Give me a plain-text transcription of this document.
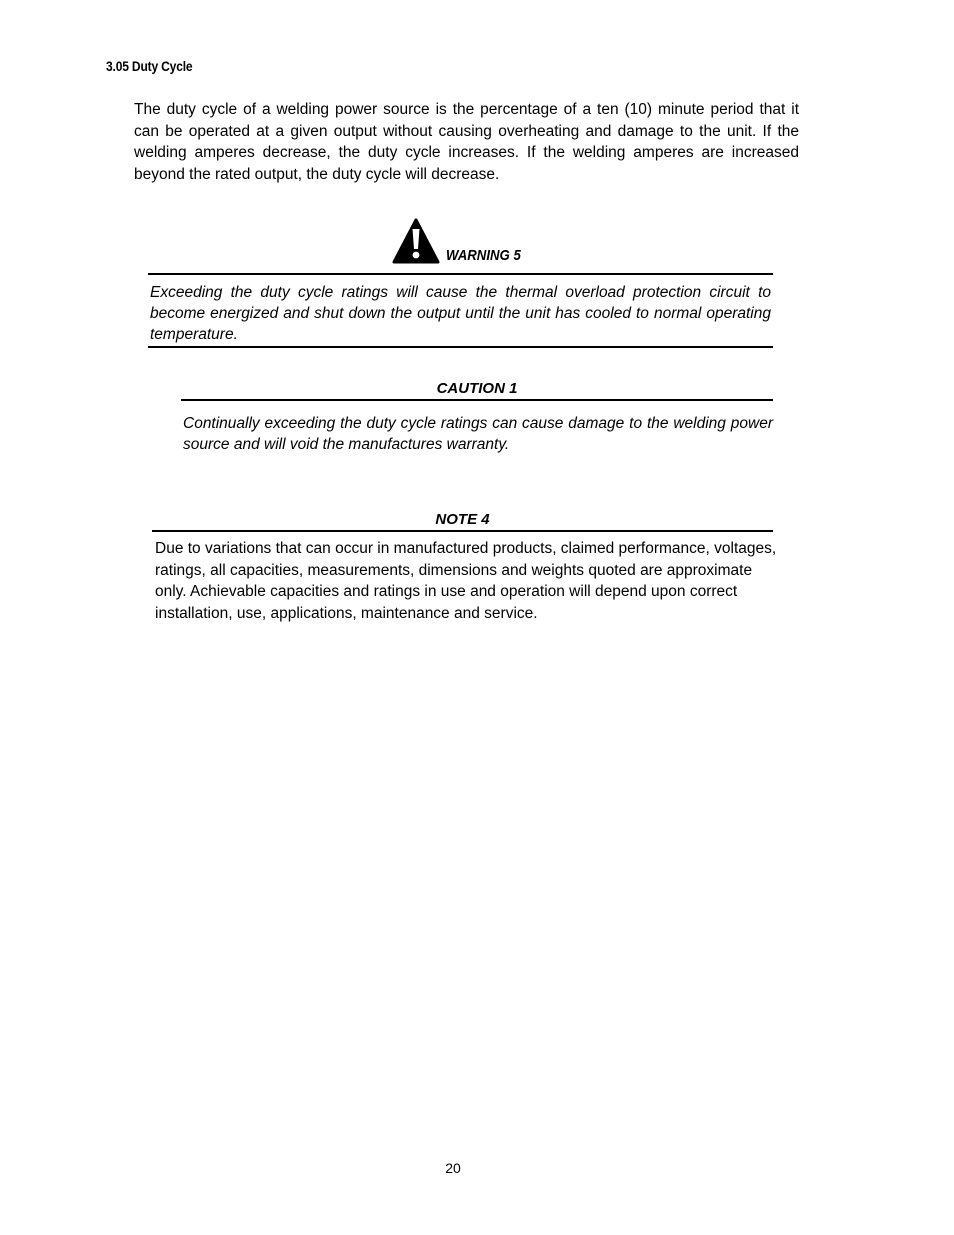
3.05 Duty Cycle
The duty cycle of a welding power source is the percentage of a ten (10) minute period that it can be operated at a given output without causing overheating and damage to the unit. If the welding amperes decrease, the duty cycle increases. If the welding amperes are increased beyond the rated output, the duty cycle will decrease.
WARNING 5

Exceeding the duty cycle ratings will cause the thermal overload protection circuit to become energized and shut down the output until the unit has cooled to normal operating temperature.

CAUTION 1

Continually exceeding the duty cycle ratings can cause damage to the welding power source and will void the manufactures warranty.

NOTE 4

Due to variations that can occur in manufactured products, claimed performance, voltages, ratings, all capacities, measurements, dimensions and weights quoted are approximate only. Achievable capacities and ratings in use and operation will depend upon correct installation, use, applications, maintenance and service.

20
